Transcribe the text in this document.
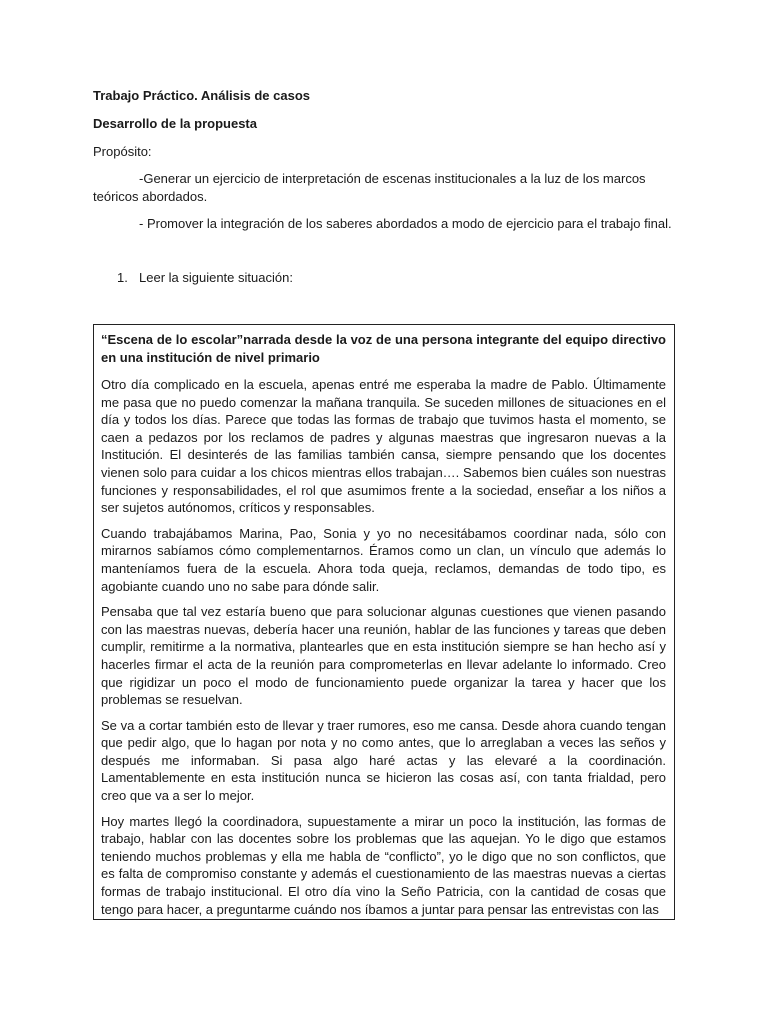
Trabajo Práctico. Análisis de casos
Desarrollo de la propuesta
Propósito:
-Generar un ejercicio de interpretación de escenas institucionales a la luz de los marcos teóricos abordados.
- Promover la integración de los saberes abordados a modo de ejercicio para el trabajo final.
1. Leer la siguiente situación:
“Escena de lo escolar”narrada desde la voz de una persona integrante del equipo directivo en una institución de nivel primario

Otro día complicado en la escuela, apenas entré me esperaba la madre de Pablo. Últimamente me pasa que no puedo comenzar la mañana tranquila. Se suceden millones de situaciones en el día y todos los días. Parece que todas las formas de trabajo que tuvimos hasta el momento, se caen a pedazos por los reclamos de padres y algunas maestras que ingresaron nuevas a la Institución. El desinterés de las familias también cansa, siempre pensando que los docentes vienen solo para cuidar a los chicos mientras ellos trabajan…. Sabemos bien cuáles son nuestras funciones y responsabilidades, el rol que asumimos frente a la sociedad, enseñar a los niños a ser sujetos autónomos, críticos y responsables.

Cuando trabajábamos Marina, Pao, Sonia y yo no necesitábamos coordinar nada, sólo con mirarnos sabíamos cómo complementarnos. Éramos como un clan, un vínculo que además lo manteníamos fuera de la escuela. Ahora toda queja, reclamos, demandas de todo tipo, es agobiante cuando uno no sabe para dónde salir.

Pensaba que tal vez estaría bueno que para solucionar algunas cuestiones que vienen pasando con las maestras nuevas, debería hacer una reunión, hablar de las funciones y tareas que deben cumplir, remitirme a la normativa, plantearles que en esta institución siempre se han hecho así y hacerles firmar el acta de la reunión para comprometerlas en llevar adelante lo informado. Creo que rigidizar un poco el modo de funcionamiento puede organizar la tarea y hacer que los problemas se resuelvan.

Se va a cortar también esto de llevar y traer rumores, eso me cansa. Desde ahora cuando tengan que pedir algo, que lo hagan por nota y no como antes, que lo arreglaban a veces las seños y después me informaban. Si pasa algo haré actas y las elevaré a la coordinación. Lamentablemente en esta institución nunca se hicieron las cosas así, con tanta frialdad, pero creo que va a ser lo mejor.

Hoy martes llegó la coordinadora, supuestamente a mirar un poco la institución, las formas de trabajo, hablar con las docentes sobre los problemas que las aquejan. Yo le digo que estamos teniendo muchos problemas y ella me habla de “conflicto”, yo le digo que no son conflictos, que es falta de compromiso constante y además el cuestionamiento de las maestras nuevas a ciertas formas de trabajo institucional. El otro día vino la Seño Patricia, con la cantidad de cosas que tengo para hacer, a preguntarme cuándo nos íbamos a juntar para pensar las entrevistas con las
